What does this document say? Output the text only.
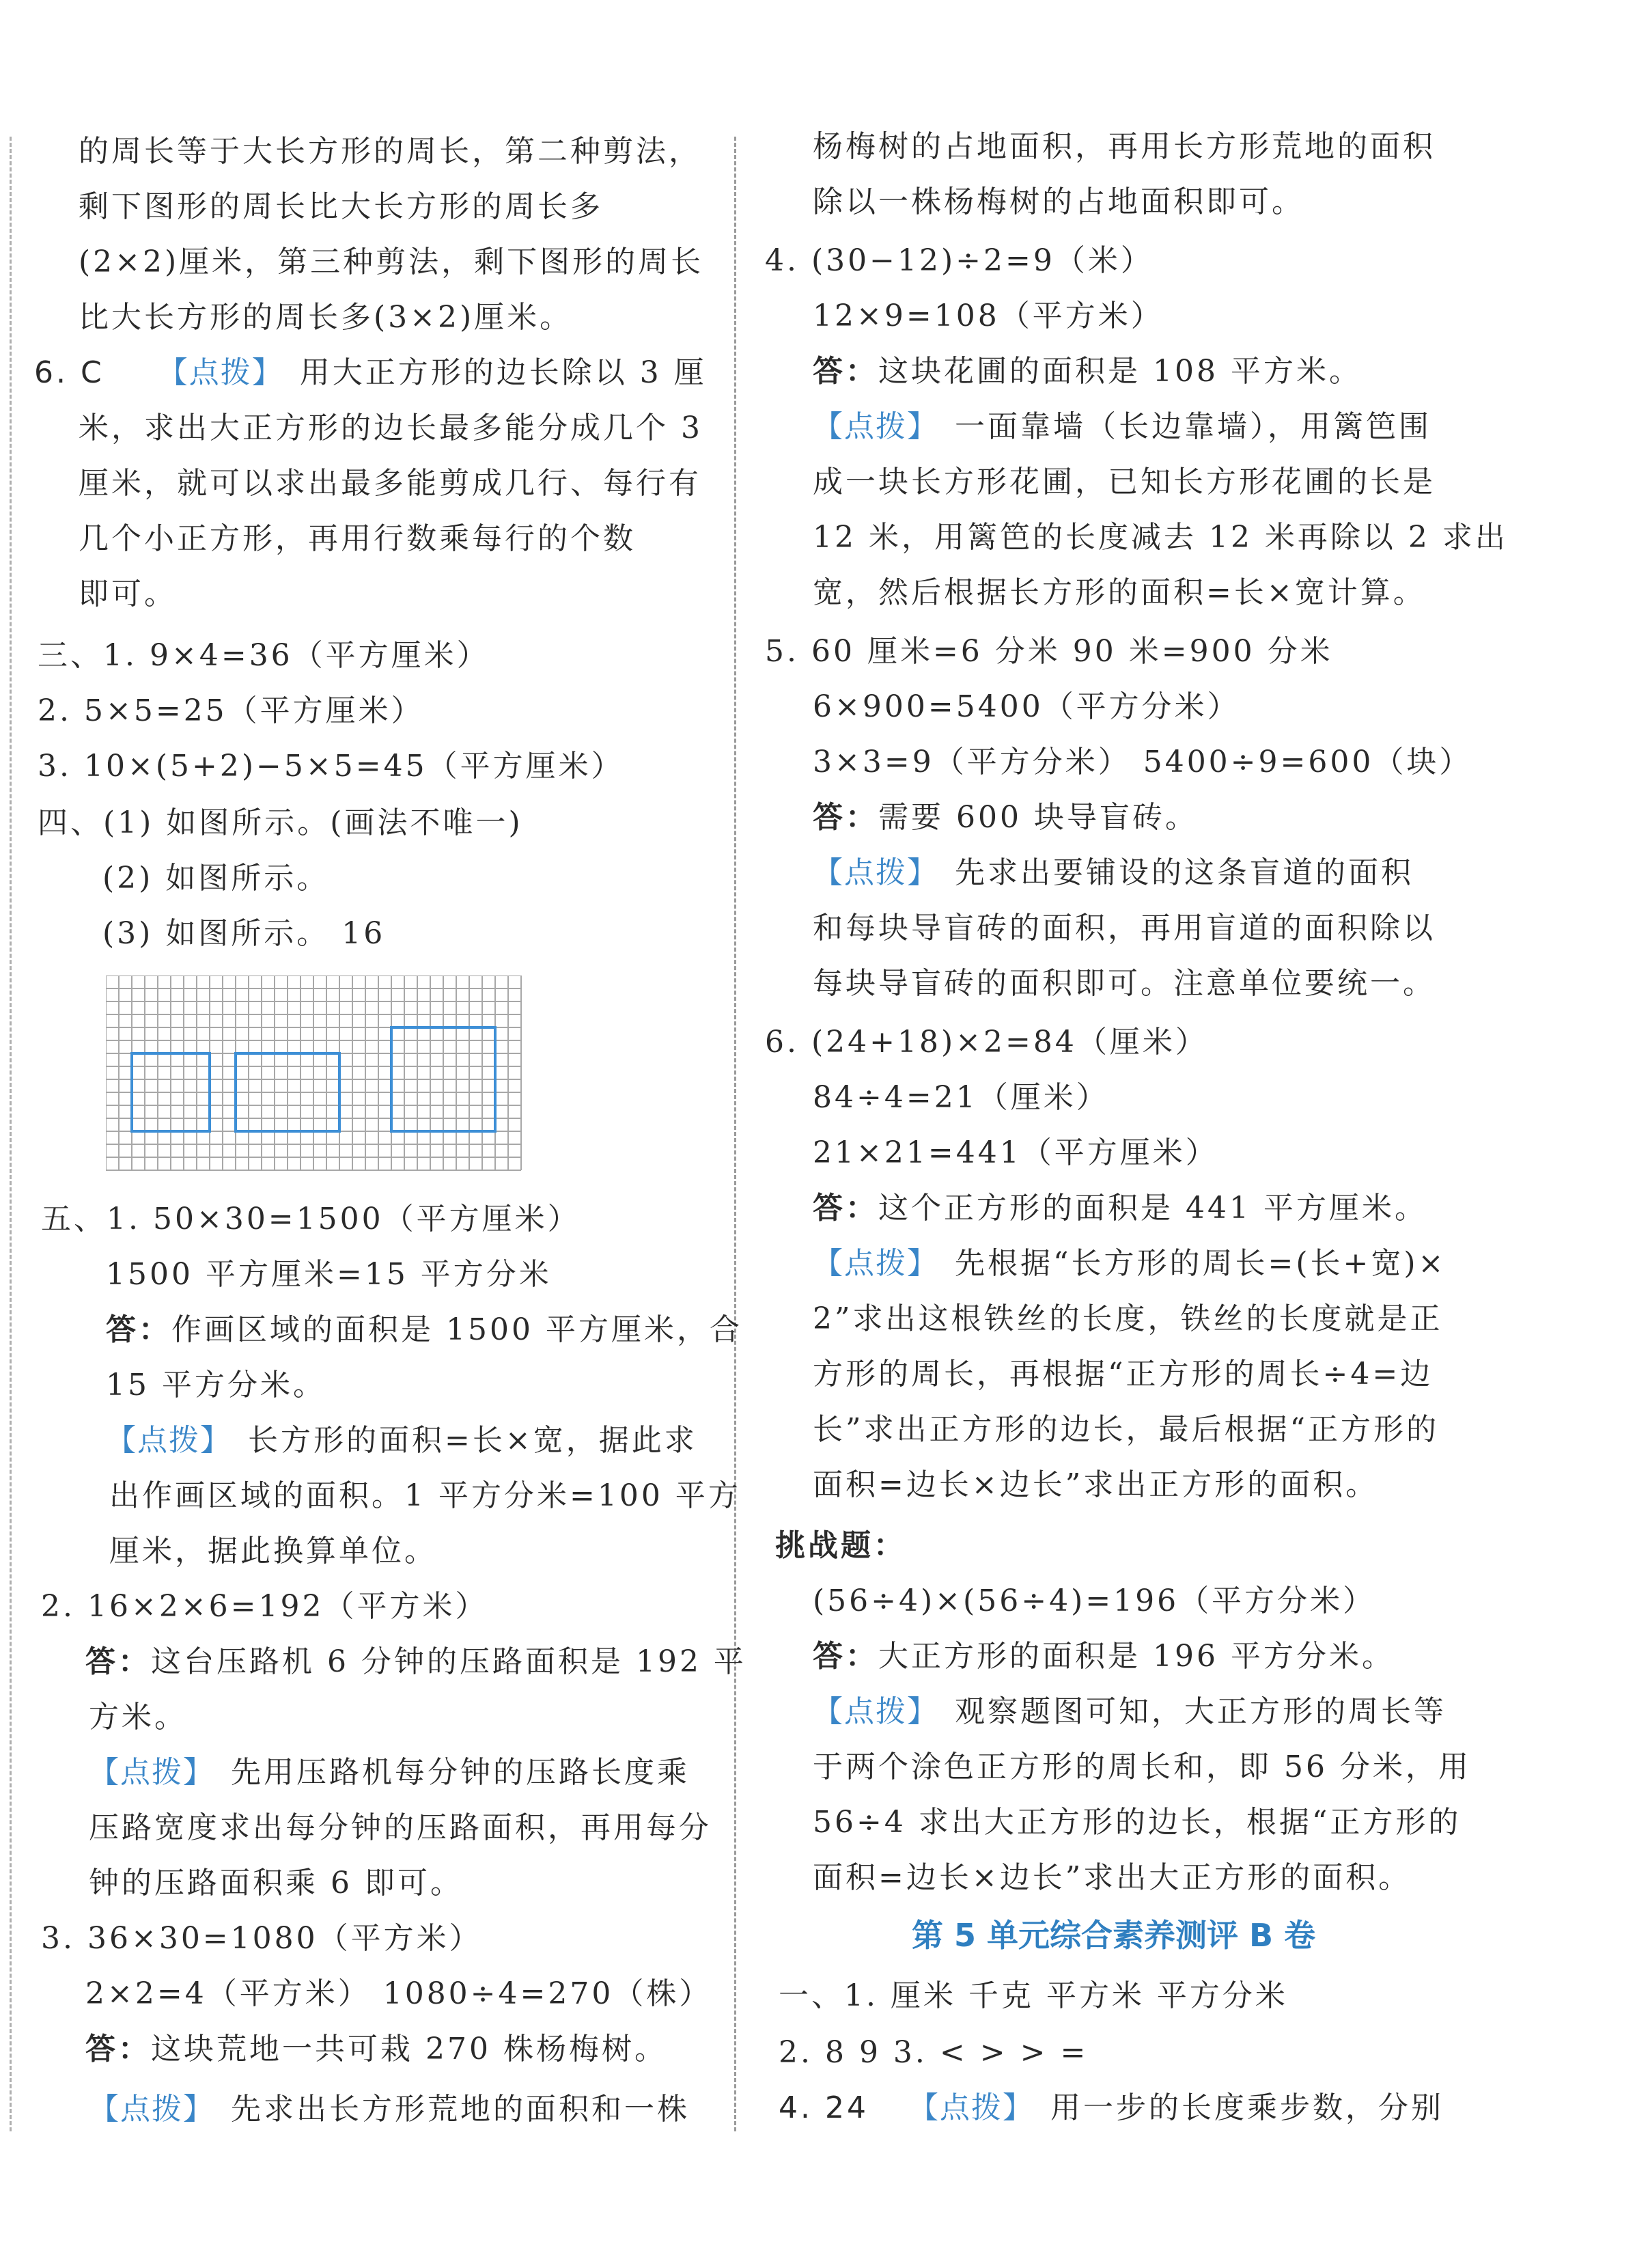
的周长等于大长方形的周长，第二种剪法，
剩下图形的周长比大长方形的周长多
(2×2)厘米，第三种剪法，剩下图形的周长
比大长方形的周长多(3×2)厘米。
6. C 【点拨】 用大正方形的边长除以 3 厘
米，求出大正方形的边长最多能分成几个 3
厘米，就可以求出最多能剪成几行、每行有
几个小正方形，再用行数乘每行的个数
即可。
三、1. 9×4=36（平方厘米）
2. 5×5=25（平方厘米）
3. 10×(5+2)−5×5=45（平方厘米）
四、(1) 如图所示。(画法不唯一)
(2) 如图所示。
(3) 如图所示。 16
五、1. 50×30=1500（平方厘米）
1500 平方厘米=15 平方分米
答：作画区域的面积是 1500 平方厘米，合
15 平方分米。
【点拨】 长方形的面积=长×宽，据此求
出作画区域的面积。1 平方分米=100 平方
厘米，据此换算单位。
2. 16×2×6=192（平方米）
答：这台压路机 6 分钟的压路面积是 192 平
方米。
【点拨】 先用压路机每分钟的压路长度乘
压路宽度求出每分钟的压路面积，再用每分
钟的压路面积乘 6 即可。
3. 36×30=1080（平方米）
2×2=4（平方米） 1080÷4=270（株）
答：这块荒地一共可栽 270 株杨梅树。
【点拨】 先求出长方形荒地的面积和一株
杨梅树的占地面积，再用长方形荒地的面积
除以一株杨梅树的占地面积即可。
4. (30−12)÷2=9（米）
12×9=108（平方米）
答：这块花圃的面积是 108 平方米。
【点拨】 一面靠墙（长边靠墙），用篱笆围
成一块长方形花圃，已知长方形花圃的长是
12 米，用篱笆的长度减去 12 米再除以 2 求出
宽，然后根据长方形的面积=长×宽计算。
5. 60 厘米=6 分米 90 米=900 分米
6×900=5400（平方分米）
3×3=9（平方分米） 5400÷9=600（块）
答：需要 600 块导盲砖。
【点拨】 先求出要铺设的这条盲道的面积
和每块导盲砖的面积，再用盲道的面积除以
每块导盲砖的面积即可。注意单位要统一。
6. (24+18)×2=84（厘米）
84÷4=21（厘米）
21×21=441（平方厘米）
答：这个正方形的面积是 441 平方厘米。
【点拨】 先根据“长方形的周长=(长+宽)×
2”求出这根铁丝的长度，铁丝的长度就是正
方形的周长，再根据“正方形的周长÷4=边
长”求出正方形的边长，最后根据“正方形的
面积=边长×边长”求出正方形的面积。
挑战题：
(56÷4)×(56÷4)=196（平方分米）
答：大正方形的面积是 196 平方分米。
【点拨】 观察题图可知，大正方形的周长等
于两个涂色正方形的周长和，即 56 分米，用
56÷4 求出大正方形的边长，根据“正方形的
面积=边长×边长”求出大正方形的面积。
第 5 单元综合素养测评 B 卷
一、1. 厘米 千克 平方米 平方分米
2. 8 9 3. < > > =
4. 24 【点拨】 用一步的长度乘步数，分别
